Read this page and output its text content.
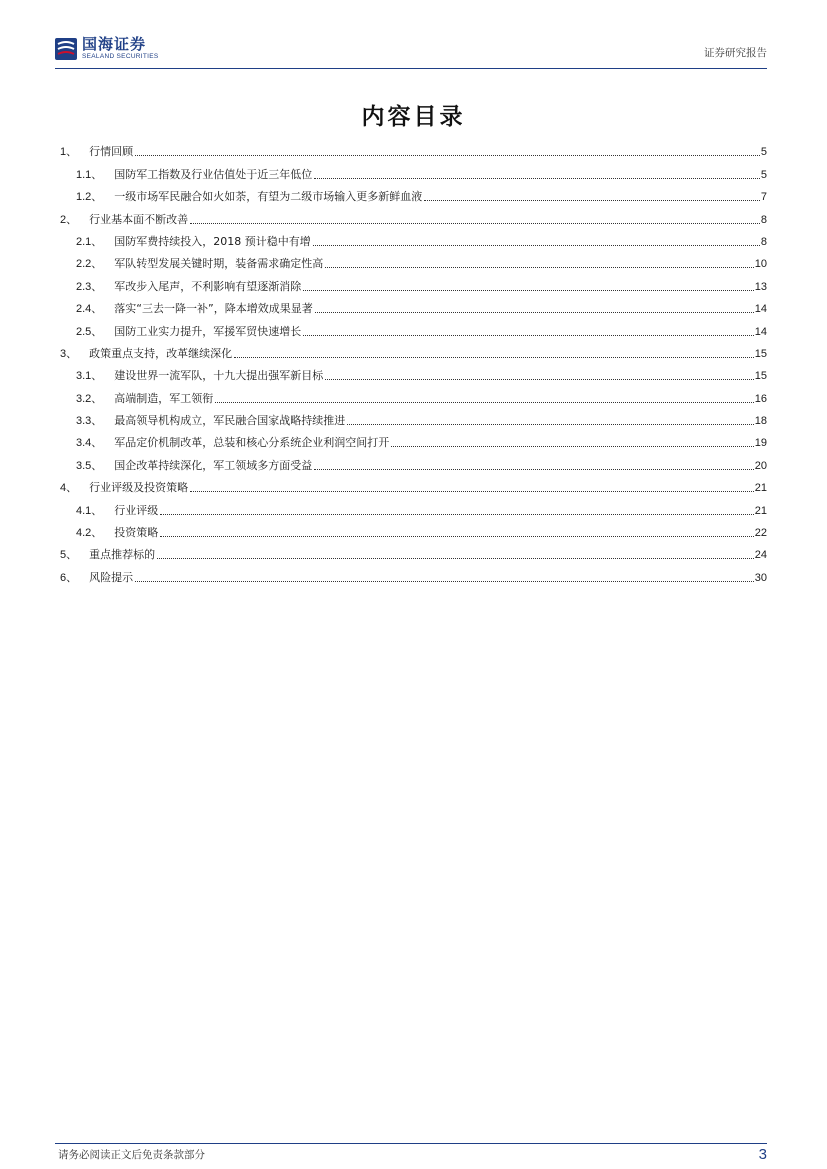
国海证券
SEALAND SECURITIES	证券研究报告
内容目录
1、 行情回顾	5
1.1、 国防军工指数及行业估值处于近三年低位	5
1.2、 一级市场军民融合如火如荼，有望为二级市场输入更多新鲜血液	7
2、 行业基本面不断改善	8
2.1、 国防军费持续投入，2018 预计稳中有增	8
2.2、 军队转型发展关键时期，装备需求确定性高	10
2.3、 军改步入尾声，不利影响有望逐渐消除	13
2.4、 落实“三去一降一补”，降本增效成果显著	14
2.5、 国防工业实力提升，军援军贸快速增长	14
3、 政策重点支持，改革继续深化	15
3.1、 建设世界一流军队，十九大提出强军新目标	15
3.2、 高端制造，军工领衔	16
3.3、 最高领导机构成立，军民融合国家战略持续推进	18
3.4、 军品定价机制改革，总装和核心分系统企业利润空间打开	19
3.5、 国企改革持续深化，军工领域多方面受益	20
4、 行业评级及投资策略	21
4.1、 行业评级	21
4.2、 投资策略	22
5、 重点推荐标的	24
6、 风险提示	30
请务必阅读正文后免责条款部分	3
